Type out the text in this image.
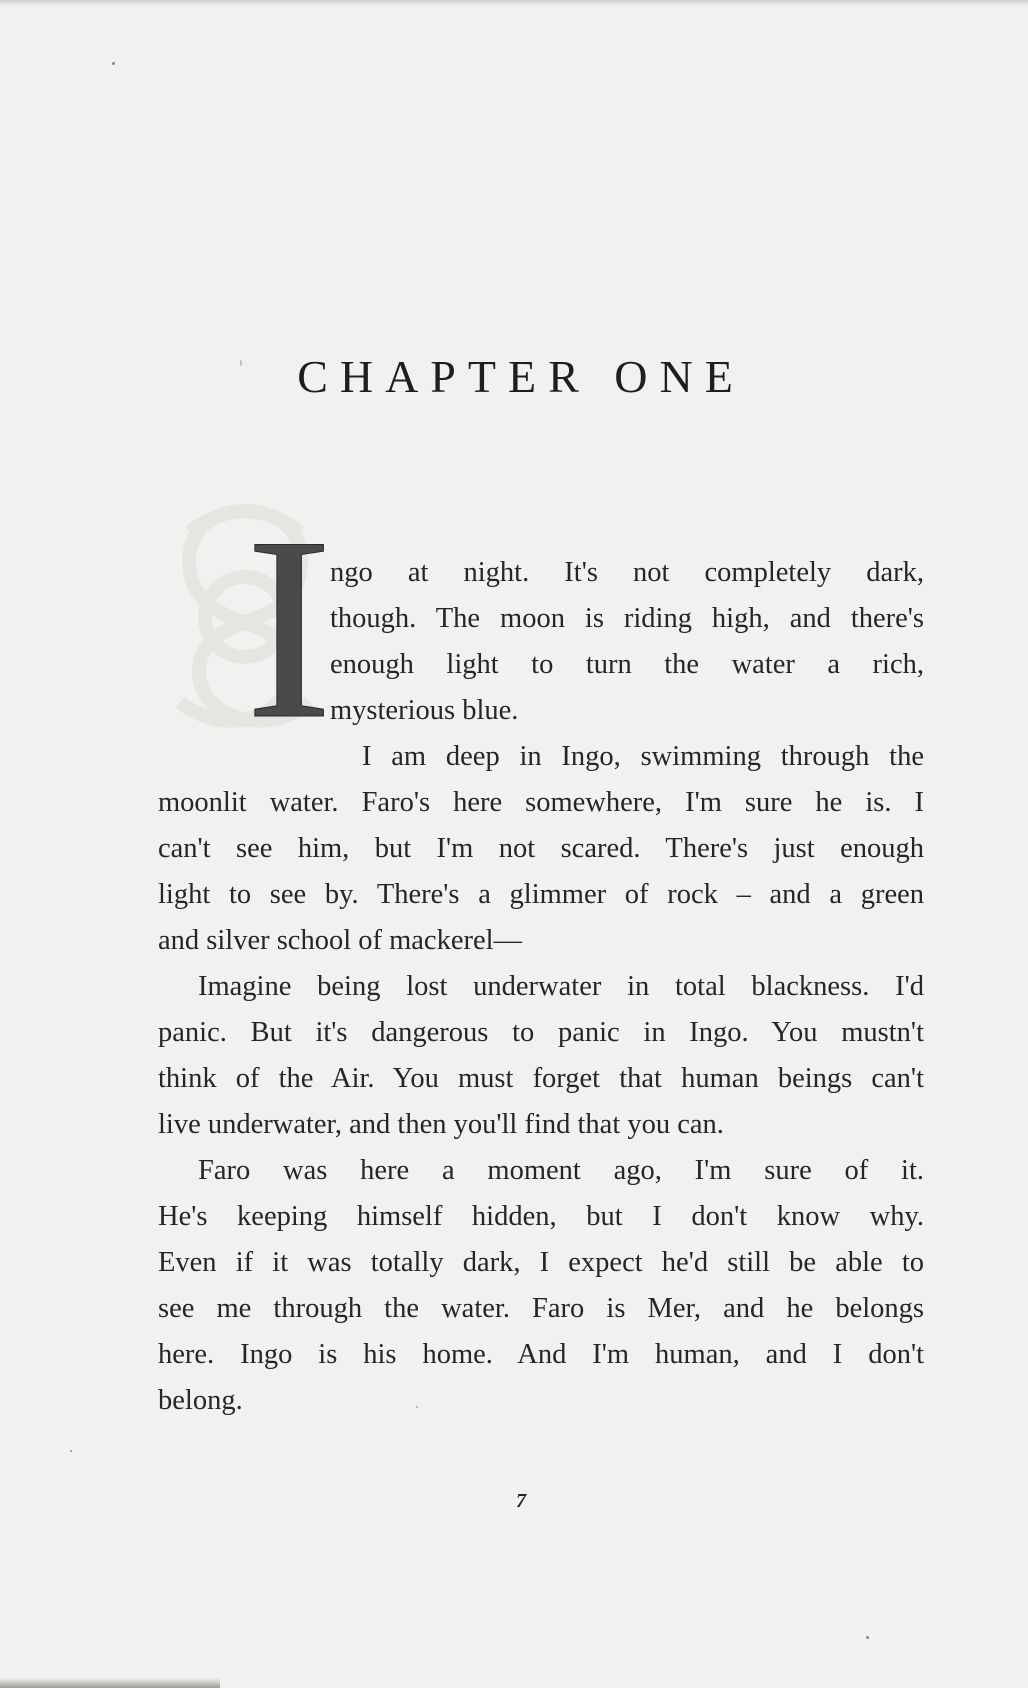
CHAPTER ONE
I
ngo at night. It's not completely dark,
though. The moon is riding high, and there's
enough light to turn the water a rich,
mysterious blue.
I am deep in Ingo, swimming through the
moonlit water. Faro's here somewhere, I'm sure he is. I
can't see him, but I'm not scared. There's just enough
light to see by. There's a glimmer of rock – and a green
and silver school of mackerel—
Imagine being lost underwater in total blackness. I'd
panic. But it's dangerous to panic in Ingo. You mustn't
think of the Air. You must forget that human beings can't
live underwater, and then you'll find that you can.
Faro was here a moment ago, I'm sure of it.
He's keeping himself hidden, but I don't know why.
Even if it was totally dark, I expect he'd still be able to
see me through the water. Faro is Mer, and he belongs
here. Ingo is his home. And I'm human, and I don't
belong.
7
